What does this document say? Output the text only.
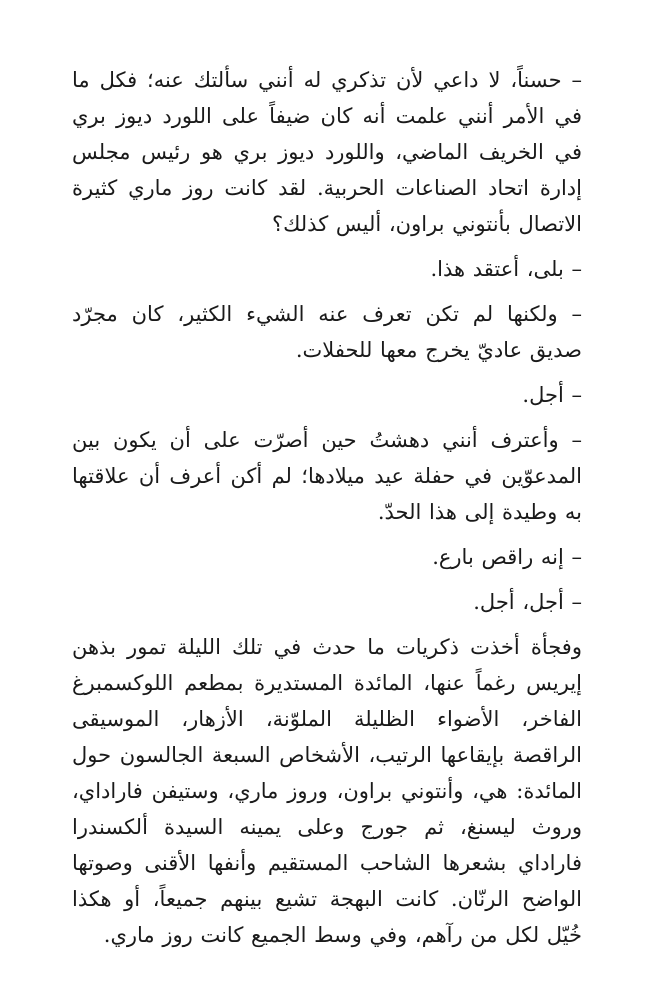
– حسناً، لا داعي لأن تذكري له أنني سألتك عنه؛ فكل ما في الأمر أنني علمت أنه كان ضيفاً على اللورد ديوز بري في الخريف الماضي، واللورد ديوز بري هو رئيس مجلس إدارة اتحاد الصناعات الحربية. لقد كانت روز ماري كثيرة الاتصال بأنتوني براون، أليس كذلك؟

– بلى، أعتقد هذا.

– ولكنها لم تكن تعرف عنه الشيء الكثير، كان مجرّد صديق عاديّ يخرج معها للحفلات.

– أجل.

– وأعترف أنني دهشتُ حين أصرّت على أن يكون بين المدعوّين في حفلة عيد ميلادها؛ لم أكن أعرف أن علاقتها به وطيدة إلى هذا الحدّ.

– إنه راقص بارع.

– أجل، أجل.

وفجأة أخذت ذكريات ما حدث في تلك الليلة تمور بذهن إيريس رغماً عنها، المائدة المستديرة بمطعم اللوكسمبرغ الفاخر، الأضواء الظليلة الملوّنة، الأزهار، الموسيقى الراقصة بإيقاعها الرتيب، الأشخاص السبعة الجالسون حول المائدة: هي، وأنتوني براون، وروز ماري، وستيفن فاراداي، وروث ليسنغ، ثم جورج وعلى يمينه السيدة ألكسندرا فاراداي بشعرها الشاحب المستقيم وأنفها الأقنى وصوتها الواضح الرنّان. كانت البهجة تشيع بينهم جميعاً، أو هكذا خُيّل لكل من رآهم، وفي وسط الجميع كانت روز ماري.
